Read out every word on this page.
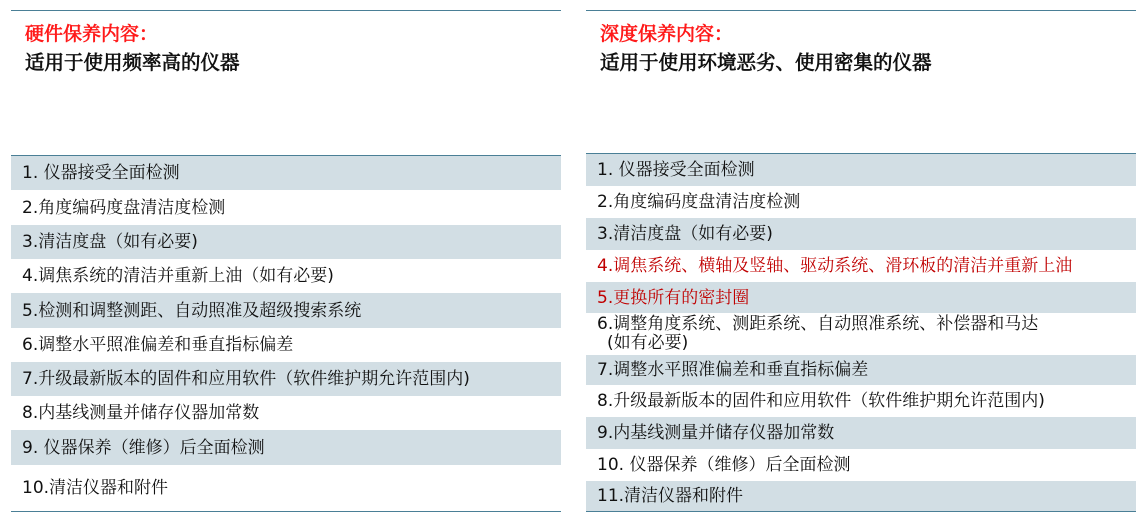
硬件保养内容：
适用于使用频率高的仪器
1. 仪器接受全面检测
2.角度编码度盘清洁度检测
3.清洁度盘（如有必要)
4.调焦系统的清洁并重新上油（如有必要)
5.检测和调整测距、自动照准及超级搜索系统
6.调整水平照准偏差和垂直指标偏差
7.升级最新版本的固件和应用软件（软件维护期允许范围内)
8.内基线测量并储存仪器加常数
9. 仪器保养（维修）后全面检测
10.清洁仪器和附件
深度保养内容：
适用于使用环境恶劣、使用密集的仪器
1. 仪器接受全面检测
2.角度编码度盘清洁度检测
3.清洁度盘（如有必要)
4.调焦系统、横轴及竖轴、驱动系统、滑环板的清洁并重新上油
5.更换所有的密封圈
6.调整角度系统、测距系统、自动照准系统、补偿器和马达
(如有必要)
7.调整水平照准偏差和垂直指标偏差
8.升级最新版本的固件和应用软件（软件维护期允许范围内)
9.内基线测量并储存仪器加常数
10. 仪器保养（维修）后全面检测
11.清洁仪器和附件
